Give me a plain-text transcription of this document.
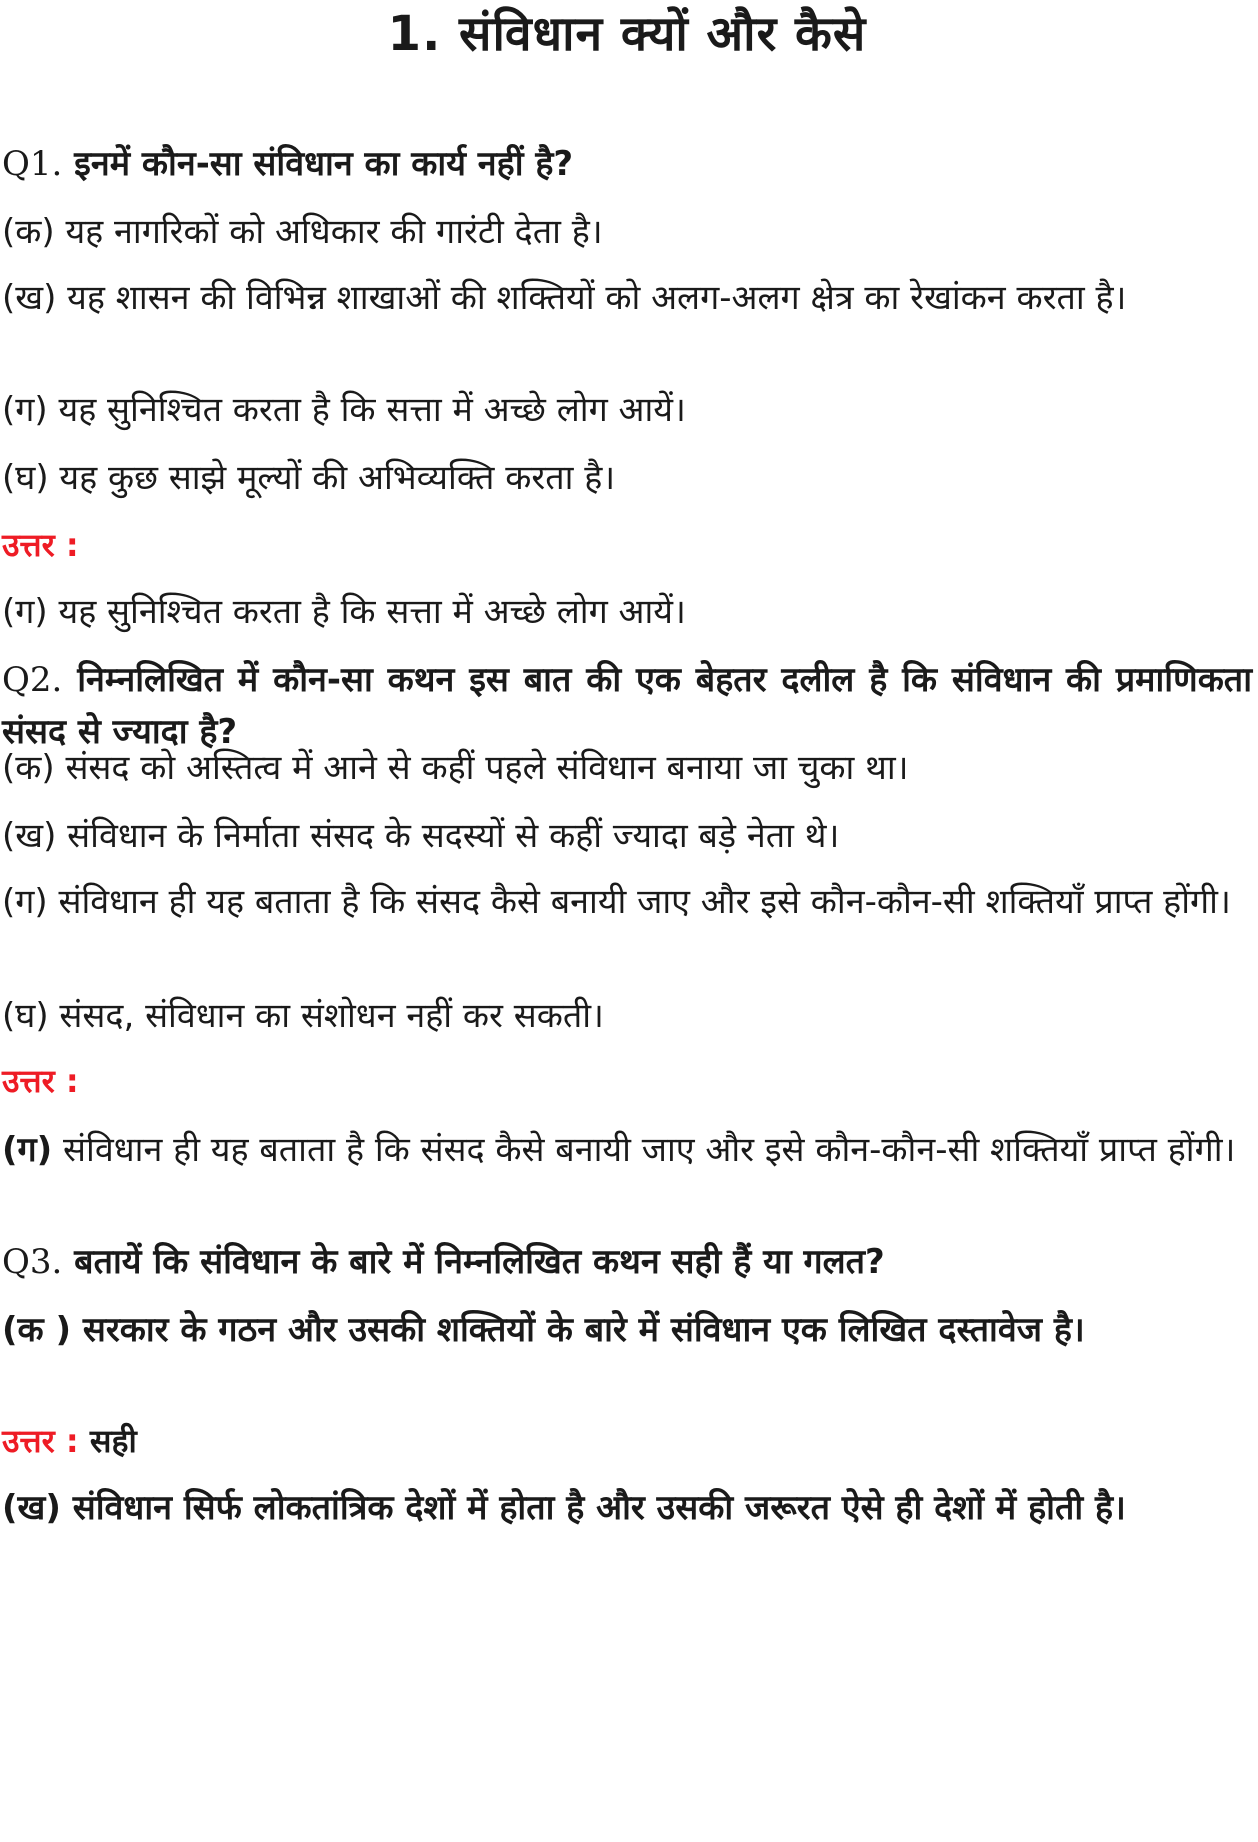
1. संविधान क्यों और कैसे

Q1. इनमें कौन-सा संविधान का कार्य नहीं है?

(क) यह नागरिकों को अधिकार की गारंटी देता है।

(ख) यह शासन की विभिन्न शाखाओं की शक्तियों को अलग-अलग क्षेत्र का रेखांकन करता है।

(ग) यह सुनिश्चित करता है कि सत्ता में अच्छे लोग आयें।

(घ) यह कुछ साझे मूल्यों की अभिव्यक्ति करता है।

उत्तर :

(ग) यह सुनिश्चित करता है कि सत्ता में अच्छे लोग आयें।

Q2. निम्नलिखित में कौन-सा कथन इस बात की एक बेहतर दलील है कि संविधान की प्रमाणिकता संसद से ज्यादा है?

(क) संसद को अस्तित्व में आने से कहीं पहले संविधान बनाया जा चुका था।

(ख) संविधान के निर्माता संसद के सदस्यों से कहीं ज्यादा बड़े नेता थे।

(ग) संविधान ही यह बताता है कि संसद कैसे बनायी जाए और इसे कौन-कौन-सी शक्तियाँ प्राप्त होंगी।

(घ) संसद, संविधान का संशोधन नहीं कर सकती।

उत्तर :

(ग) संविधान ही यह बताता है कि संसद कैसे बनायी जाए और इसे कौन-कौन-सी शक्तियाँ प्राप्त होंगी।

Q3. बतायें कि संविधान के बारे में निम्नलिखित कथन सही हैं या गलत?

(क ) सरकार के गठन और उसकी शक्तियों के बारे में संविधान एक लिखित दस्तावेज है।

उत्तर : सही

(ख) संविधान सिर्फ लोकतांत्रिक देशों में होता है और उसकी जरूरत ऐसे ही देशों में होती है।
